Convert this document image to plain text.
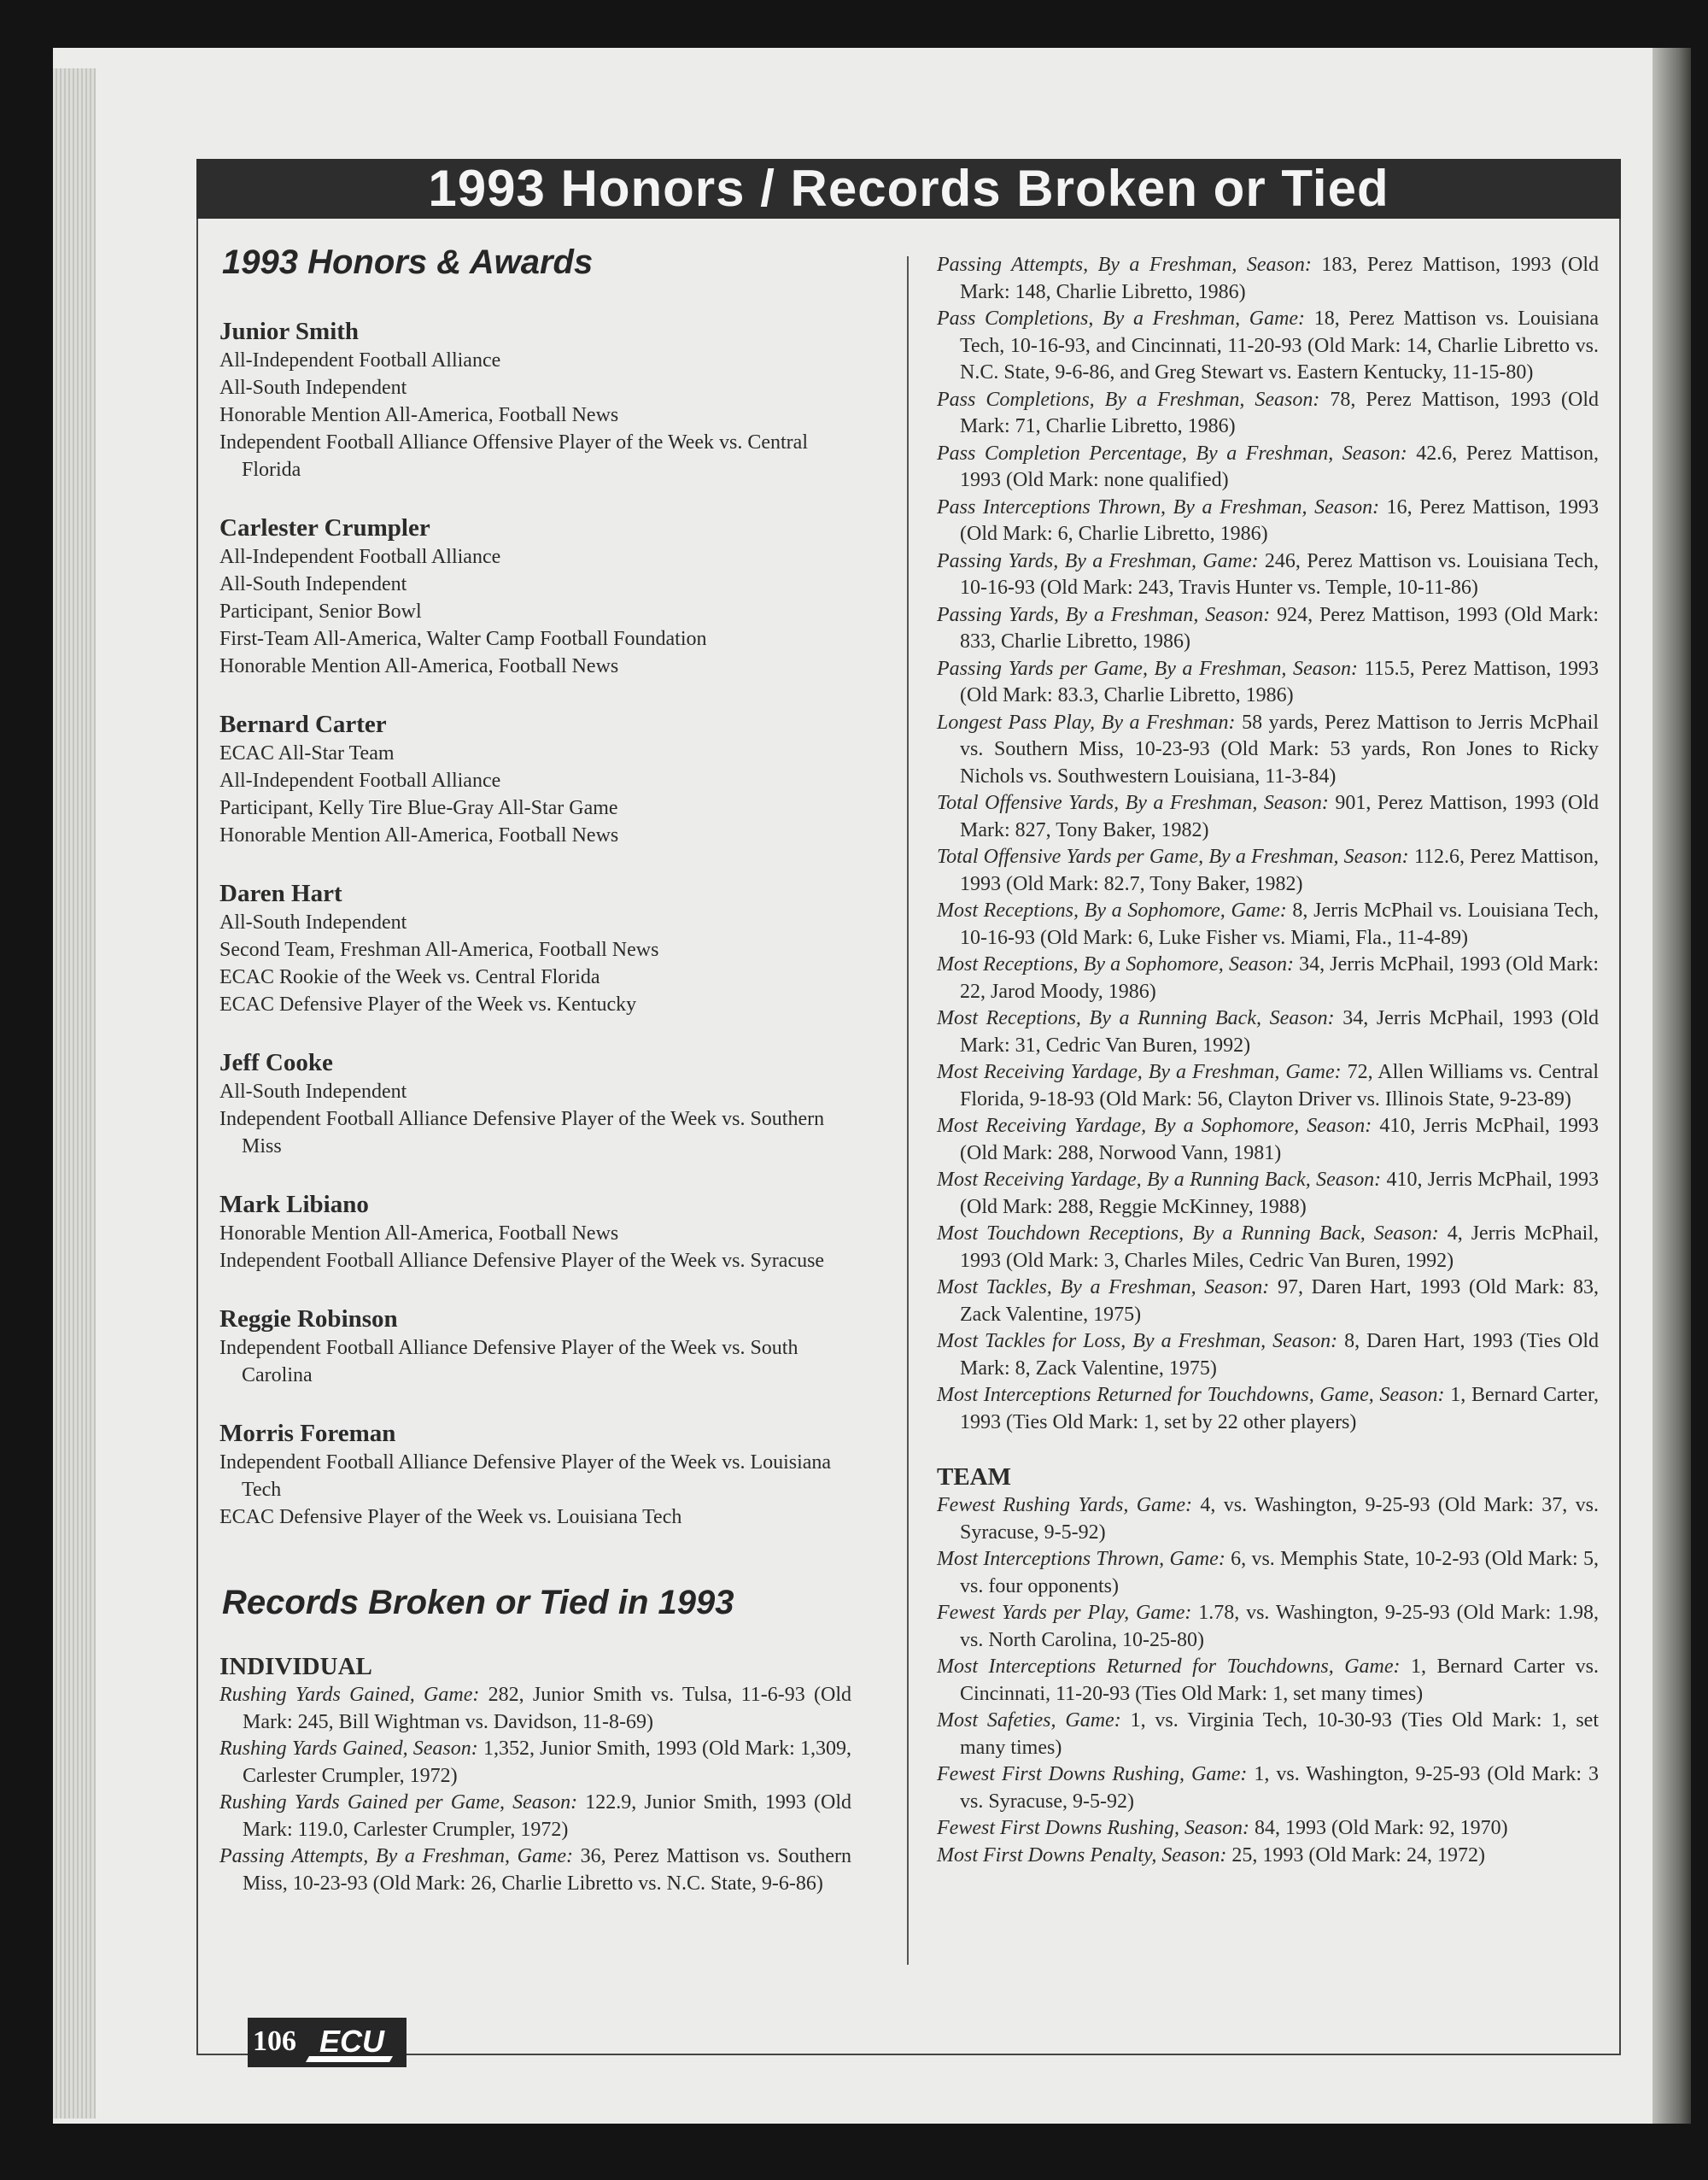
1993 Honors / Records Broken or Tied
1993 Honors & Awards
Junior Smith
All-Independent Football Alliance
All-South Independent
Honorable Mention All-America, Football News
Independent Football Alliance Offensive Player of the Week vs. Central Florida
Carlester Crumpler
All-Independent Football Alliance
All-South Independent
Participant, Senior Bowl
First-Team All-America, Walter Camp Football Foundation
Honorable Mention All-America, Football News
Bernard Carter
ECAC All-Star Team
All-Independent Football Alliance
Participant, Kelly Tire Blue-Gray All-Star Game
Honorable Mention All-America, Football News
Daren Hart
All-South Independent
Second Team, Freshman All-America, Football News
ECAC Rookie of the Week vs. Central Florida
ECAC Defensive Player of the Week vs. Kentucky
Jeff Cooke
All-South Independent
Independent Football Alliance Defensive Player of the Week vs. Southern Miss
Mark Libiano
Honorable Mention All-America, Football News
Independent Football Alliance Defensive Player of the Week vs. Syracuse
Reggie Robinson
Independent Football Alliance Defensive Player of the Week vs. South Carolina
Morris Foreman
Independent Football Alliance Defensive Player of the Week vs. Louisiana Tech
ECAC Defensive Player of the Week vs. Louisiana Tech
Records Broken or Tied in 1993
INDIVIDUAL
Rushing Yards Gained, Game: 282, Junior Smith vs. Tulsa, 11-6-93 (Old Mark: 245, Bill Wightman vs. Davidson, 11-8-69)
Rushing Yards Gained, Season: 1,352, Junior Smith, 1993 (Old Mark: 1,309, Carlester Crumpler, 1972)
Rushing Yards Gained per Game, Season: 122.9, Junior Smith, 1993 (Old Mark: 119.0, Carlester Crumpler, 1972)
Passing Attempts, By a Freshman, Game: 36, Perez Mattison vs. Southern Miss, 10-23-93 (Old Mark: 26, Charlie Libretto vs. N.C. State, 9-6-86)
Passing Attempts, By a Freshman, Season: 183, Perez Mattison, 1993 (Old Mark: 148, Charlie Libretto, 1986)
Pass Completions, By a Freshman, Game: 18, Perez Mattison vs. Louisiana Tech, 10-16-93, and Cincinnati, 11-20-93 (Old Mark: 14, Charlie Libretto vs. N.C. State, 9-6-86, and Greg Stewart vs. Eastern Kentucky, 11-15-80)
Pass Completions, By a Freshman, Season: 78, Perez Mattison, 1993 (Old Mark: 71, Charlie Libretto, 1986)
Pass Completion Percentage, By a Freshman, Season: 42.6, Perez Mattison, 1993 (Old Mark: none qualified)
Pass Interceptions Thrown, By a Freshman, Season: 16, Perez Mattison, 1993 (Old Mark: 6, Charlie Libretto, 1986)
Passing Yards, By a Freshman, Game: 246, Perez Mattison vs. Louisiana Tech, 10-16-93 (Old Mark: 243, Travis Hunter vs. Temple, 10-11-86)
Passing Yards, By a Freshman, Season: 924, Perez Mattison, 1993 (Old Mark: 833, Charlie Libretto, 1986)
Passing Yards per Game, By a Freshman, Season: 115.5, Perez Mattison, 1993 (Old Mark: 83.3, Charlie Libretto, 1986)
Longest Pass Play, By a Freshman: 58 yards, Perez Mattison to Jerris McPhail vs. Southern Miss, 10-23-93 (Old Mark: 53 yards, Ron Jones to Ricky Nichols vs. Southwestern Louisiana, 11-3-84)
Total Offensive Yards, By a Freshman, Season: 901, Perez Mattison, 1993 (Old Mark: 827, Tony Baker, 1982)
Total Offensive Yards per Game, By a Freshman, Season: 112.6, Perez Mattison, 1993 (Old Mark: 82.7, Tony Baker, 1982)
Most Receptions, By a Sophomore, Game: 8, Jerris McPhail vs. Louisiana Tech, 10-16-93 (Old Mark: 6, Luke Fisher vs. Miami, Fla., 11-4-89)
Most Receptions, By a Sophomore, Season: 34, Jerris McPhail, 1993 (Old Mark: 22, Jarod Moody, 1986)
Most Receptions, By a Running Back, Season: 34, Jerris McPhail, 1993 (Old Mark: 31, Cedric Van Buren, 1992)
Most Receiving Yardage, By a Freshman, Game: 72, Allen Williams vs. Central Florida, 9-18-93 (Old Mark: 56, Clayton Driver vs. Illinois State, 9-23-89)
Most Receiving Yardage, By a Sophomore, Season: 410, Jerris McPhail, 1993 (Old Mark: 288, Norwood Vann, 1981)
Most Receiving Yardage, By a Running Back, Season: 410, Jerris McPhail, 1993 (Old Mark: 288, Reggie McKinney, 1988)
Most Touchdown Receptions, By a Running Back, Season: 4, Jerris McPhail, 1993 (Old Mark: 3, Charles Miles, Cedric Van Buren, 1992)
Most Tackles, By a Freshman, Season: 97, Daren Hart, 1993 (Old Mark: 83, Zack Valentine, 1975)
Most Tackles for Loss, By a Freshman, Season: 8, Daren Hart, 1993 (Ties Old Mark: 8, Zack Valentine, 1975)
Most Interceptions Returned for Touchdowns, Game, Season: 1, Bernard Carter, 1993 (Ties Old Mark: 1, set by 22 other players)
TEAM
Fewest Rushing Yards, Game: 4, vs. Washington, 9-25-93 (Old Mark: 37, vs. Syracuse, 9-5-92)
Most Interceptions Thrown, Game: 6, vs. Memphis State, 10-2-93 (Old Mark: 5, vs. four opponents)
Fewest Yards per Play, Game: 1.78, vs. Washington, 9-25-93 (Old Mark: 1.98, vs. North Carolina, 10-25-80)
Most Interceptions Returned for Touchdowns, Game: 1, Bernard Carter vs. Cincinnati, 11-20-93 (Ties Old Mark: 1, set many times)
Most Safeties, Game: 1, vs. Virginia Tech, 10-30-93 (Ties Old Mark: 1, set many times)
Fewest First Downs Rushing, Game: 1, vs. Washington, 9-25-93 (Old Mark: 3 vs. Syracuse, 9-5-92)
Fewest First Downs Rushing, Season: 84, 1993 (Old Mark: 92, 1970)
Most First Downs Penalty, Season: 25, 1993 (Old Mark: 24, 1972)
106 ECU
